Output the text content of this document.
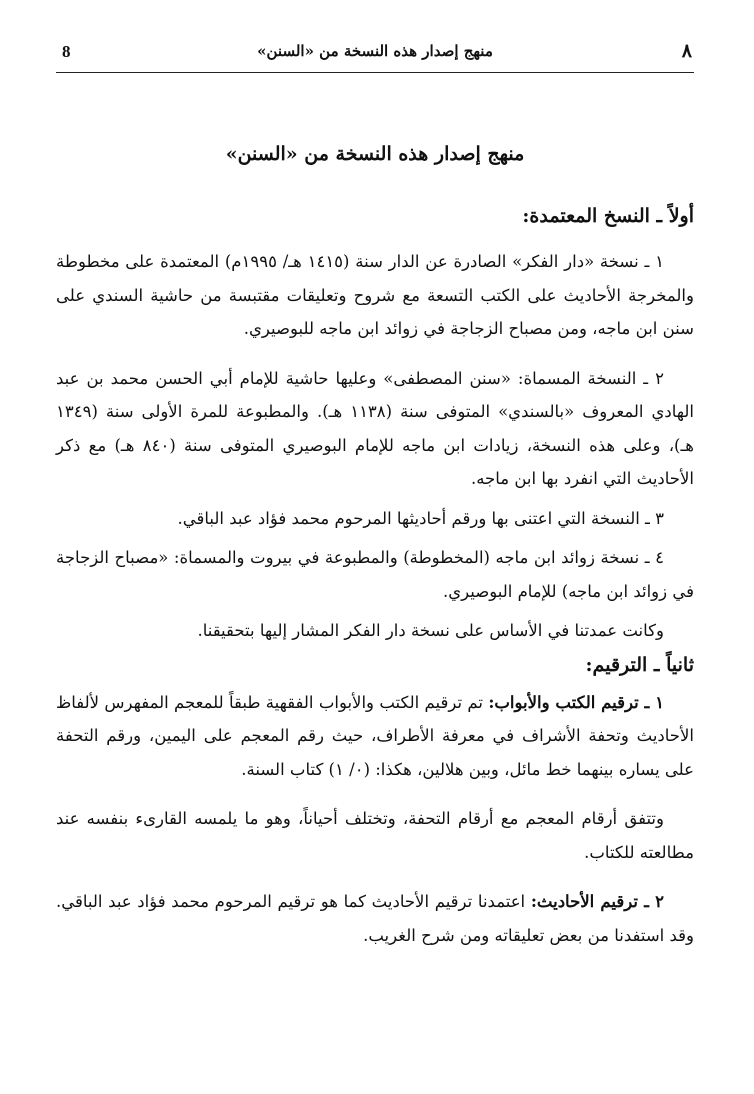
٨
منهج إصدار هذه النسخة من «السنن»
8
منهج إصدار هذه النسخة من «السنن»
أولاً ـ النسخ المعتمدة:

١ ـ نسخة «دار الفكر» الصادرة عن الدار سنة (١٤١٥ هـ/ ١٩٩٥م) المعتمدة على مخطوطة والمخرجة الأحاديث على الكتب التسعة مع شروح وتعليقات مقتبسة من حاشية السندي على سنن ابن ماجه، ومن مصباح الزجاجة في زوائد ابن ماجه للبوصيري.

٢ ـ النسخة المسماة: «سنن المصطفى» وعليها حاشية للإمام أبي الحسن محمد بن عبد الهادي المعروف «بالسندي» المتوفى سنة (١١٣٨ هـ). والمطبوعة للمرة الأولى سنة (١٣٤٩ هـ)، وعلى هذه النسخة، زيادات ابن ماجه للإمام البوصيري المتوفى سنة (٨٤٠ هـ) مع ذكر الأحاديث التي انفرد بها ابن ماجه.

٣ ـ النسخة التي اعتنى بها ورقم أحاديثها المرحوم محمد فؤاد عبد الباقي.

٤ ـ نسخة زوائد ابن ماجه (المخطوطة) والمطبوعة في بيروت والمسماة: «مصباح الزجاجة في زوائد ابن ماجه) للإمام البوصيري.

وكانت عمدتنا في الأساس على نسخة دار الفكر المشار إليها بتحقيقنا.

ثانياً ـ الترقيم:

١ ـ ترقيم الكتب والأبواب: تم ترقيم الكتب والأبواب الفقهية طبقاً للمعجم المفهرس لألفاظ الأحاديث وتحفة الأشراف في معرفة الأطراف، حيث رقم المعجم على اليمين، ورقم التحفة على يساره بينهما خط مائل، وبين هلالين، هكذا: (٠/ ١) كتاب السنة.

وتتفق أرقام المعجم مع أرقام التحفة، وتختلف أحياناً، وهو ما يلمسه القارىء بنفسه عند مطالعته للكتاب.

٢ ـ ترقيم الأحاديث: اعتمدنا ترقيم الأحاديث كما هو ترقيم المرحوم محمد فؤاد عبد الباقي. وقد استفدنا من بعض تعليقاته ومن شرح الغريب.
